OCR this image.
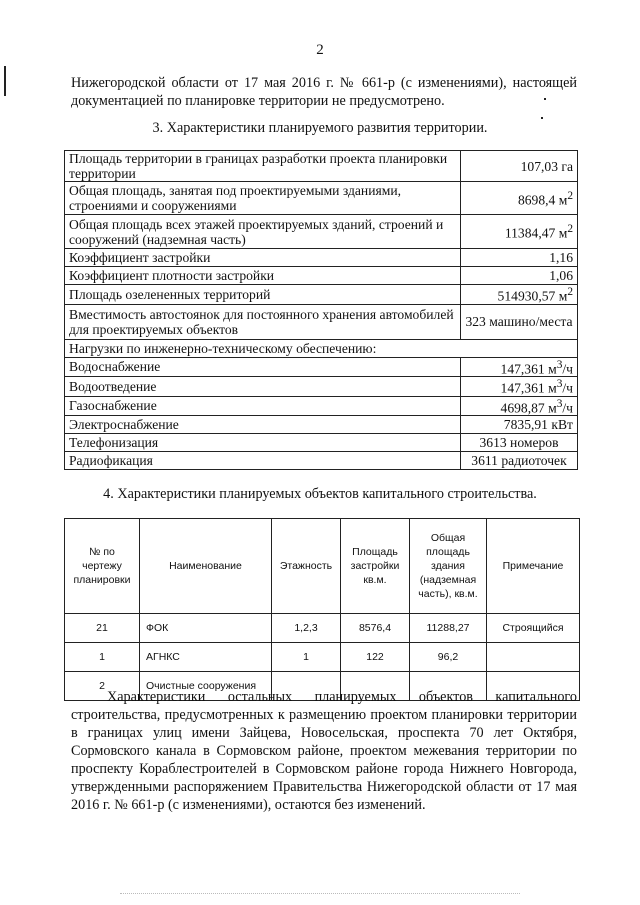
2
Нижегородской области от 17 мая 2016 г. № 661-р (с изменениями), настоящей документацией по планировке территории не предусмотрено.
3. Характеристики планируемого развития территории.
Площадь территории в границах разработки проекта планировки территории	107,03 га
Общая площадь, занятая под проектируемыми зданиями, строениями и сооружениями	8698,4 $м^2$
Общая площадь всех этажей проектируемых зданий, строений и сооружений (надземная часть)	11384,47 $м^2$
Коэффициент застройки	1,16
Коэффициент плотности застройки	1,06
Площадь озелененных территорий	514930,57 $м^2$
Вместимость автостоянок для постоянного хранения автомобилей для проектируемых объектов	323 машино/места
Нагрузки по инженерно-техническому обеспечению:	
Водоснабжение	147,361 $м^3/ч$
Водоотведение	147,361 $м^3/ч$
Газоснабжение	4698,87 $м^3/ч$
Электроснабжение	7835,91 кВт
Телефонизация	3613 номеров
Радиофикация	3611 радиоточек
4. Характеристики планируемых объектов капитального строительства.
№ по чертежу планировки	Наименование	Этажность	Площадь застройки кв.м.	Общая площадь здания (надземная часть), кв.м.	Примечание
21	ФОК	1,2,3	8576,4	11288,27	Строящийся
1	АГНКС	1	122	96,2	
2	Очистные сооружения				
Характеристики остальных планируемых объектов капитального строительства, предусмотренных к размещению проектом планировки территории в границах улиц имени Зайцева, Новосельская, проспекта 70 лет Октября, Сормовского канала в Сормовском районе, проектом межевания территории по проспекту Кораблестроителей в Сормовском районе города Нижнего Новгорода, утвержденными распоряжением Правительства Нижегородской области от 17 мая 2016 г. № 661-р (с изменениями), остаются без изменений.
